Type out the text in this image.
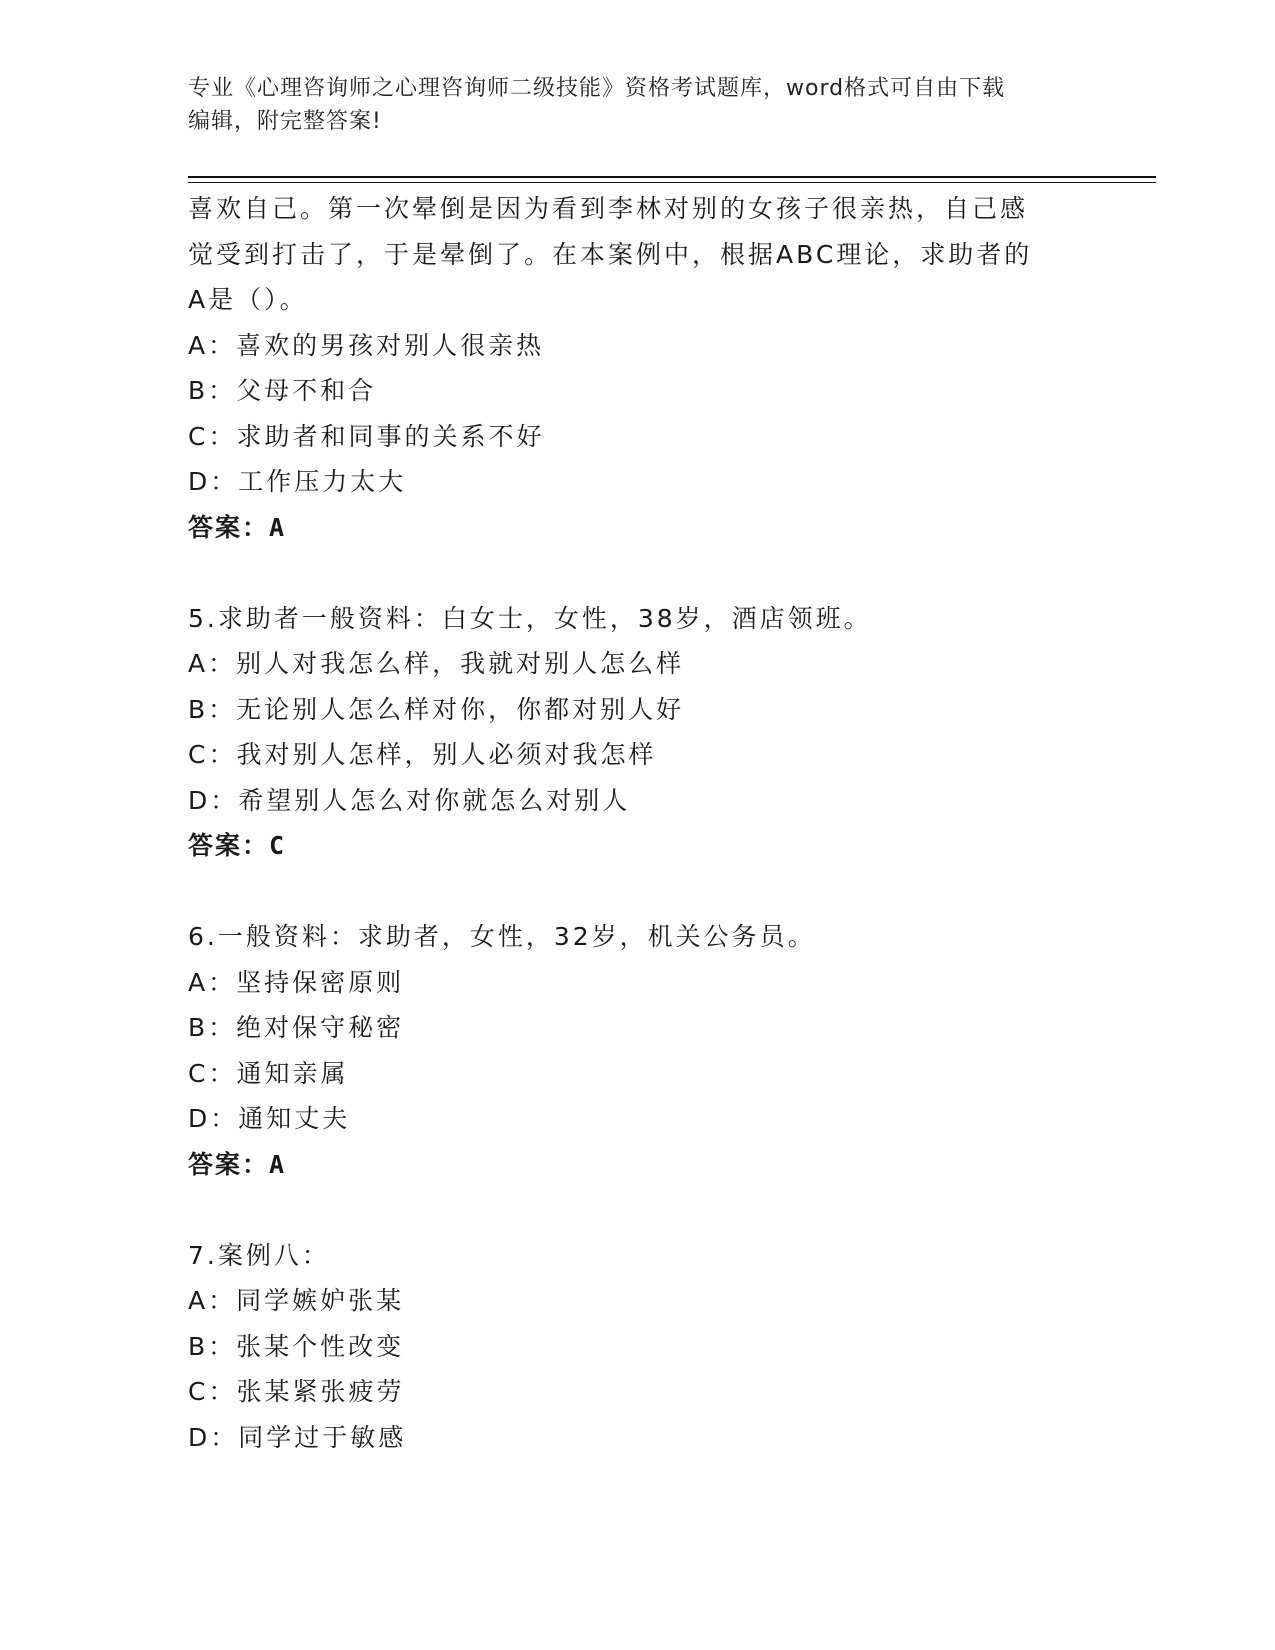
专业《心理咨询师之心理咨询师二级技能》资格考试题库，word格式可自由下载
编辑，附完整答案!
喜欢自己。第一次晕倒是因为看到李林对别的女孩子很亲热，自己感
觉受到打击了，于是晕倒了。在本案例中，根据ABC理论，求助者的
A是（）。
A：喜欢的男孩对别人很亲热
B：父母不和合
C：求助者和同事的关系不好
D：工作压力太大
答案：A
5.求助者一般资料：白女士，女性，38岁，酒店领班。
A：别人对我怎么样，我就对别人怎么样
B：无论别人怎么样对你，你都对别人好
C：我对别人怎样，别人必须对我怎样
D：希望别人怎么对你就怎么对别人
答案：C
6.一般资料：求助者，女性，32岁，机关公务员。
A：坚持保密原则
B：绝对保守秘密
C：通知亲属
D：通知丈夫
答案：A
7.案例八：
A：同学嫉妒张某
B：张某个性改变
C：张某紧张疲劳
D：同学过于敏感
